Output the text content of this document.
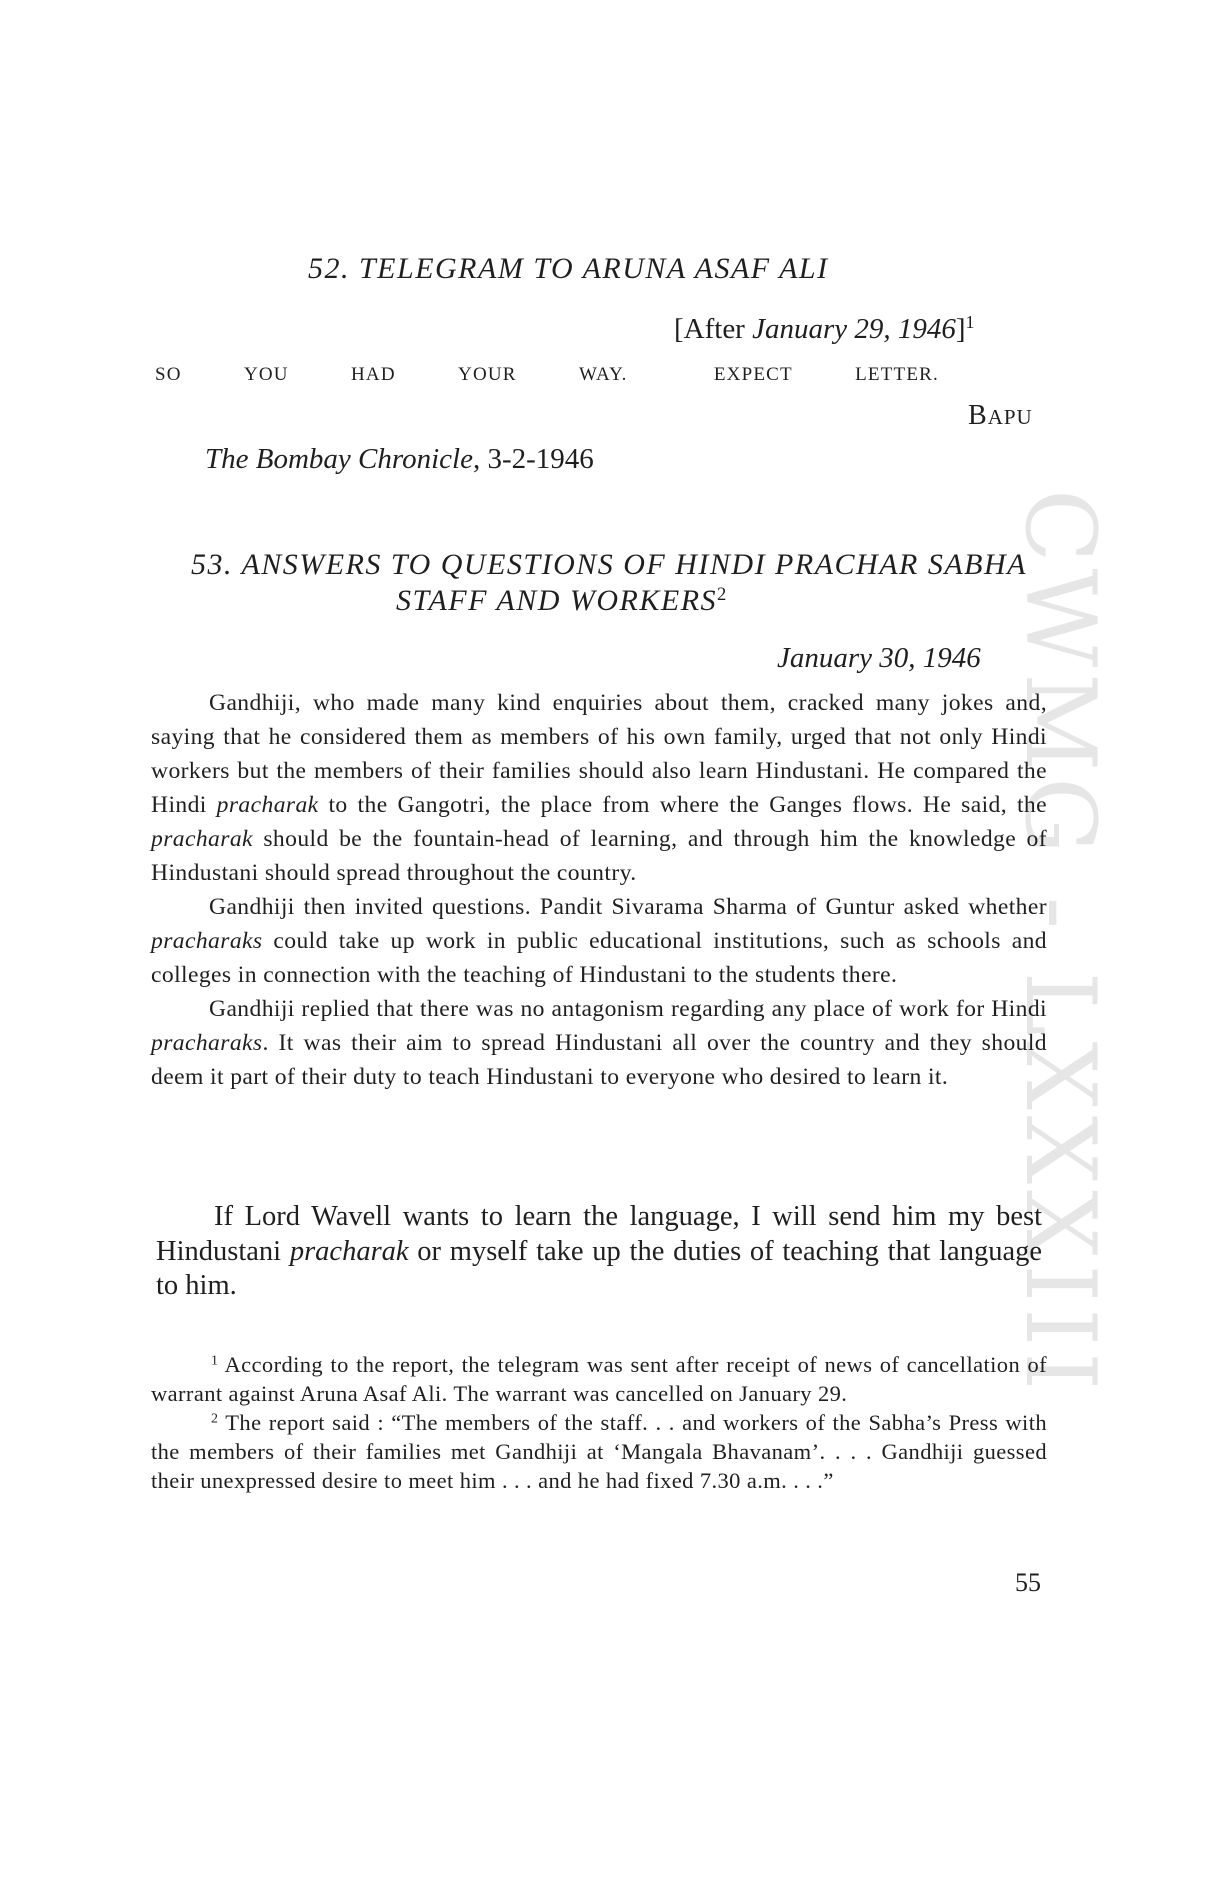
CWMG - LXXXIII
52. TELEGRAM TO ARUNA ASAF ALI
[After January 29, 1946]$^1$
SO	YOU	HAD	YOUR	WAY.	EXPECT	LETTER.
BAPU
The Bombay Chronicle, 3-2-1946
53. ANSWERS TO QUESTIONS OF HINDI PRACHAR SABHA
STAFF AND WORKERS$^2$
January 30, 1946

Gandhiji, who made many kind enquiries about them, cracked many jokes and, saying that he considered them as members of his own family, urged that not only Hindi workers but the members of their families should also learn Hindustani. He compared the Hindi pracharak to the Gangotri, the place from where the Ganges flows. He said, the pracharak should be the fountain-head of learning, and through him the knowledge of Hindustani should spread throughout the country.

Gandhiji then invited questions. Pandit Sivarama Sharma of Guntur asked whether pracharaks could take up work in public educational institutions, such as schools and colleges in connection with the teaching of Hindustani to the students there.

Gandhiji replied that there was no antagonism regarding any place of work for Hindi pracharaks. It was their aim to spread Hindustani all over the country and they should deem it part of their duty to teach Hindustani to everyone who desired to learn it.

If Lord Wavell wants to learn the language, I will send him my best Hindustani pracharak or myself take up the duties of teaching that language to him.

$^1$ According to the report, the telegram was sent after receipt of news of cancellation of warrant against Aruna Asaf Ali. The warrant was cancelled on January 29.

$^2$ The report said : “The members of the staff. . . and workers of the Sabha’s Press with the members of their families met Gandhiji at ‘Mangala Bhavanam’. . . . Gandhiji guessed their unexpressed desire to meet him . . . and he had fixed 7.30 a.m. . . .”

55
